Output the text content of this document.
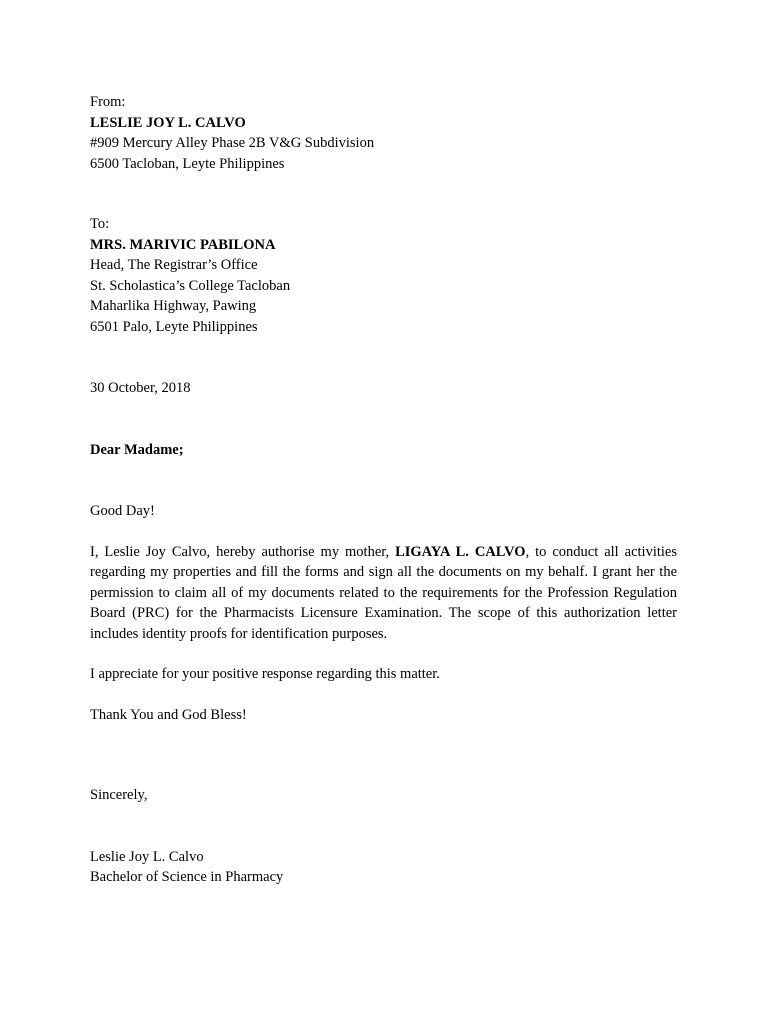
From:
LESLIE JOY L. CALVO
#909 Mercury Alley Phase 2B V&G Subdivision
6500 Tacloban, Leyte Philippines
To:
MRS. MARIVIC PABILONA
Head, The Registrar’s Office
St. Scholastica’s College Tacloban
Maharlika Highway, Pawing
6501 Palo, Leyte Philippines
30 October, 2018
Dear Madame;
Good Day!

I, Leslie Joy Calvo, hereby authorise my mother, LIGAYA L. CALVO, to conduct all activities regarding my properties and fill the forms and sign all the documents on my behalf. I grant her the permission to claim all of my documents related to the requirements for the Profession Regulation Board (PRC) for the Pharmacists Licensure Examination. The scope of this authorization letter includes identity proofs for identification purposes.

I appreciate for your positive response regarding this matter.
Thank You and God Bless!
Sincerely,
Leslie Joy L. Calvo
Bachelor of Science in Pharmacy
